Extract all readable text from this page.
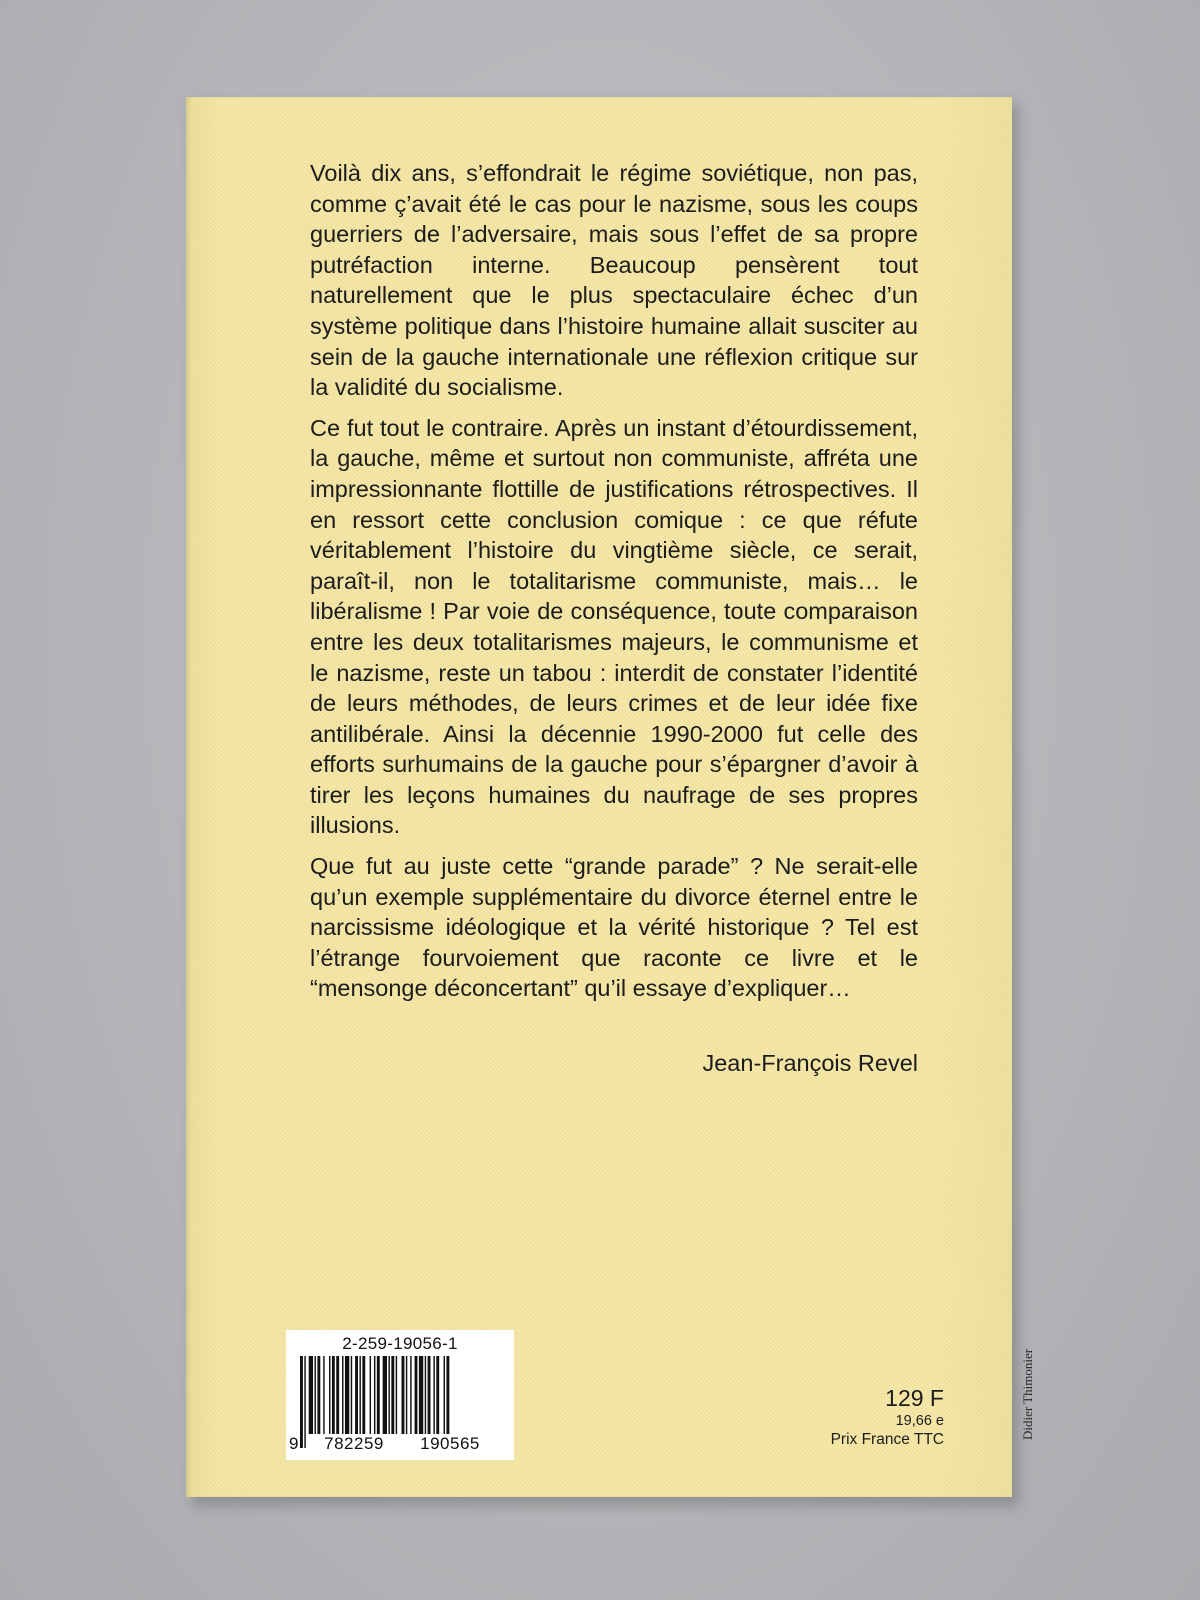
Voilà dix ans, s’effondrait le régime soviétique, non pas, comme ç’avait été le cas pour le nazisme, sous les coups guerriers de l’adversaire, mais sous l’effet de sa propre putréfaction interne. Beaucoup pensèrent tout naturellement que le plus spectaculaire échec d’un système politique dans l’histoire humaine allait susciter au sein de la gauche internationale une réflexion critique sur la validité du socialisme.

Ce fut tout le contraire. Après un instant d’étourdissement, la gauche, même et surtout non communiste, affréta une impressionnante flottille de justifications rétrospectives. Il en ressort cette conclusion comique : ce que réfute véritablement l’histoire du vingtième siècle, ce serait, paraît-il, non le totalitarisme communiste, mais… le libéralisme ! Par voie de conséquence, toute comparaison entre les deux totalitarismes majeurs, le communisme et le nazisme, reste un tabou : interdit de constater l’identité de leurs méthodes, de leurs crimes et de leur idée fixe antilibérale. Ainsi la décennie 1990-2000 fut celle des efforts surhumains de la gauche pour s’épargner d’avoir à tirer les leçons humaines du naufrage de ses propres illusions.

Que fut au juste cette “grande parade” ? Ne serait-elle qu’un exemple supplémentaire du divorce éternel entre le narcissisme idéologique et la vérité historique ? Tel est l’étrange fourvoiement que raconte ce livre et le “mensonge déconcertant” qu’il essaye d’expliquer…

Jean-François Revel
2-259-19056-1
9	782259	190565
129 F
19,66 e
Prix France TTC	Didier Thimonier
